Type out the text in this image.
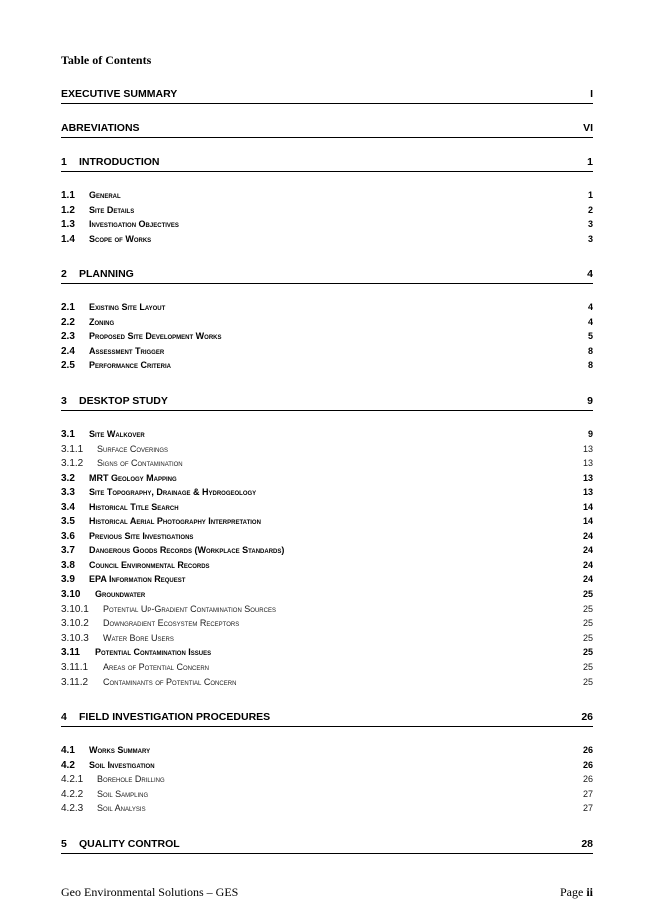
Table of Contents
EXECUTIVE SUMMARY	I
ABREVIATIONS	VI
1	INTRODUCTION	1
1.1	General	1
1.2	Site Details	2
1.3	Investigation Objectives	3
1.4	Scope of Works	3
2	PLANNING	4
2.1	Existing Site Layout	4
2.2	Zoning	4
2.3	Proposed Site Development Works	5
2.4	Assessment Trigger	8
2.5	Performance Criteria	8
3	DESKTOP STUDY	9
3.1	Site Walkover	9
3.1.1	Surface Coverings	13
3.1.2	Signs of Contamination	13
3.2	MRT Geology Mapping	13
3.3	Site Topography, Drainage & Hydrogeology	13
3.4	Historical Title Search	14
3.5	Historical Aerial Photography Interpretation	14
3.6	Previous Site Investigations	24
3.7	Dangerous Goods Records (Workplace Standards)	24
3.8	Council Environmental Records	24
3.9	EPA Information Request	24
3.10	Groundwater	25
3.10.1	Potential Up-Gradient Contamination Sources	25
3.10.2	Downgradient Ecosystem Receptors	25
3.10.3	Water Bore Users	25
3.11	Potential Contamination Issues	25
3.11.1	Areas of Potential Concern	25
3.11.2	Contaminants of Potential Concern	25
4	FIELD INVESTIGATION PROCEDURES	26
4.1	Works Summary	26
4.2	Soil Investigation	26
4.2.1	Borehole Drilling	26
4.2.2	Soil Sampling	27
4.2.3	Soil Analysis	27
5	QUALITY CONTROL	28
Geo Environmental Solutions – GES	Page ii
